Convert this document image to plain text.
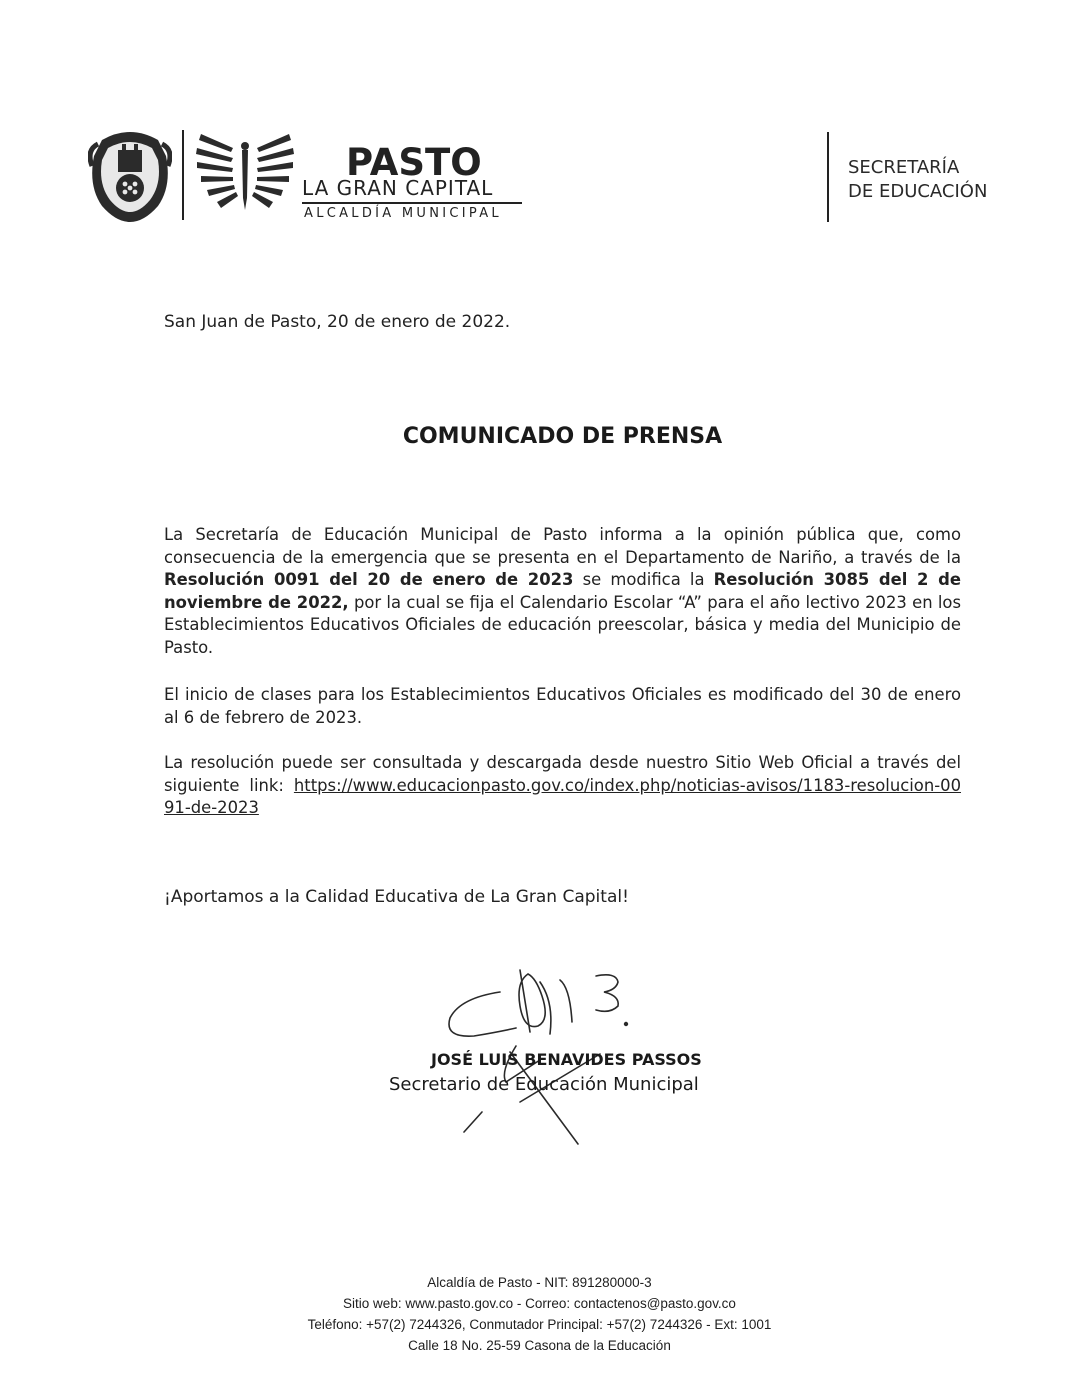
PASTO

LA GRAN CAPITAL

ALCALDÍA MUNICIPAL

SECRETARÍA
DE EDUCACIÓN

San Juan de Pasto, 20 de enero de 2022.

COMUNICADO DE PRENSA

La Secretaría de Educación Municipal de Pasto informa a la opinión pública que, como consecuencia de la emergencia que se presenta en el Departamento de Nariño, a través de la Resolución 0091 del 20 de enero de 2023 se modifica la Resolución 3085 del 2 de noviembre de 2022, por la cual se fija el Calendario Escolar “A” para el año lectivo 2023 en los Establecimientos Educativos Oficiales de educación preescolar, básica y media del Municipio de Pasto.

El inicio de clases para los Establecimientos Educativos Oficiales es modificado del 30 de enero al 6 de febrero de 2023.

La resolución puede ser consultada y descargada desde nuestro Sitio Web Oficial a través del siguiente link: https://www.educacionpasto.gov.co/index.php/noticias-avisos/1183-resolucion-0091-de-2023

¡Aportamos a la Calidad Educativa de La Gran Capital!

JOSÉ LUIS BENAVIDES PASSOS

Secretario de Educación Municipal

Alcaldía de Pasto - NIT: 891280000-3
Sitio web: www.pasto.gov.co - Correo: contactenos@pasto.gov.co
Teléfono: +57(2) 7244326, Conmutador Principal: +57(2) 7244326 - Ext: 1001
Calle 18 No. 25-59 Casona de la Educación
